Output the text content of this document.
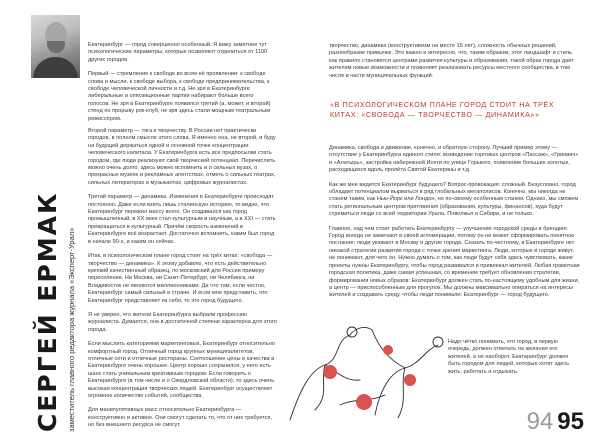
СЕРГЕЙ ЕРМАК заместитель главного редактора журнала «Эксперт-Урал»

Екатеринбург — город совершенно особенный. Я вижу заметнее тут психологические параметры, которые позволяют отделиться от 1100 других городов.

Первый — стремление к свободе во всем её проявлении: к свободе слова и мысли, к свободе выбора, к свободе предпринимательства, к свободе человеческой личности и т.д. Не зря в Екатеринбурге либеральные и оппозиционные партии набирают больше всего голосов. Не зря в Екатеринбурге появился третий (а, может, и второй) стенд по прорыву рок-клуб, не зря здесь стали мощным театральным режиссёром.

Второй параметр — тяга к творчеству. В России нет практически городов, в полном смысле этого слова. Я именно она, не второй, и буду на будущей держаться одной и основной точке концентрации человеческого капитала. У Екатеринбурга есть все предпосылки стать городом, где люди реализуют свой творческий потенциал. Перечислить можно очень долго: здесь можно вспомнить и о сильных вузах, о прекрасных музеях и рекламных агентствах, отметь о сильных театрах, сильных литераторах и музыкантах, цифровых журналистах.

Третий параметр — динамика. Изменения в Екатеринбурге происходят постоянно. Даже если взять лишь сталинскую историю, то видно, что Екатеринбург пережил массу всего. Он создавался как город промышленный, в XX веке стал культурным и научным, а в XXI — стать превращаться в культурный. Причём скорость изменений в Екатеринбурге всё возрастает. Достаточно вспомнить, каким был город в начале 90-х, и каким он сейчас.

Итак, в психологическом плане город стоит на трёх китах: «свобода — творчество — динамика». К этому добавлю, что есть действительно крепкий качественный образец, по московский для России примеру переселения. Ни Москва, ни Санкт-Петербург, ни Челябинск, ни Владивосток не являются миллионниками. Да что там, если честно, Екатеринбург самый сильный в стране. И если мне представить, что Екатеринбург представляет из себя, то это город будущего.

Я не уверен, что жители Екатеринбурга выбрали профессию журналиста. Думается, она в достаточной степени характерна для этого города.

Если мыслить категориями маркетинговых, Екатеринбург относительно комфортный город. Отличный город крупных муниципалитетов, отличные сети и отличные рестораны. Соотношение цены и качества в Екатеринбурге очень хорошее. Центр хорошо сохранился, у него есть шанс стать уникальным креативным городом. Если говорить о Екатеринбурге (в том числе и о Свердловской области), то здесь очень высокая концентрация творческих людей. Екатеринбург осуществляет огромное количество событий, сообщества.

Для манипулятивных масс относительно Екатеринбурга — конструктивно и активно. Они смогут сделать то, что от них требуется, но без внешнего ресурса не смогут.

творчество, динамика (конструктивизм на месте 15 лет), сложность обычных решений, разнообразие привычек. Это важно и интересно, что, таким образом, этот ландшафт и стиль как правило становятся центрами развития культуры и образования, такой образ города даёт жителям новые возможности и позволяет реализовать ресурсы местного сообщества, в том числе в части муниципальных функций.

«В ПСИХОЛОГИЧЕСКОМ ПЛАНЕ ГОРОД СТОИТ НА ТРЁХ КИТАХ: «СВОБОДА — ТВОРЧЕСТВО — ДИНАМИКА»»

Динамика, свобода и движение, конечно, и обратную сторону. Лучший пример этому — отсутствие у Екатеринбурга единого стиля: возведение торговых центров «Пассаж», «Гринвич» и «Алатырь», застройка набережной Исети по улице Горького, появление больших золотых, расходящихся вдоль пролёта Святой Екатерины и т.д.

Как же мне видится Екатеринбург будущего? Вопрос-провокация: сложный. Безусловно, город обладает потенциалом вырваться в ряд глобальных мегаполисов. Конечно, мы никогда не станем таким, как Нью-Йорк или Лондон, но по-своему особенным станем. Однако, мы сможем стать региональным центром притяжения (образования, культуры, финансов), куда будут стремиться люди со всей территории Урала, Поволжья и Сибири, и не только.

Главное, над чем стоит работать Екатеринбургу — улучшение городской среды и брендинг. Город иногда не замечают в своей агломерации, потому он не может сформировать понятное послание: люди уезжают в Москву и другие города. Сказать по-честному, в Екатеринбурге нет никакой стратегии развития города с точки зрения маркетинга. Люди, которые в городе живут, не понимают, для чего он. Нужно думать о том, как люди будут себя здесь чувствовать, какие проекты нужны Екатеринбургу, чтобы город развивался и привлекал жителей. Любая грамотная городская политика, даже самая успешная, со временем требует обновления стратегии, формирования новых образов: Екатеринбург должен стать по-настоящему удобным для жизни, а центр — приспособленным для прогулок. Мы должны максимально опираться на интересы жителей и создавать среду, чтобы люди понимали: Екатеринбург — город будущего.

Надо чётко понимать, что город, в первую очередь, должен отвечать на желания его жителей, а не наоборот. Екатеринбург должен быть городом для людей, которые хотят здесь жить, работать и отдыхать.

94 95
